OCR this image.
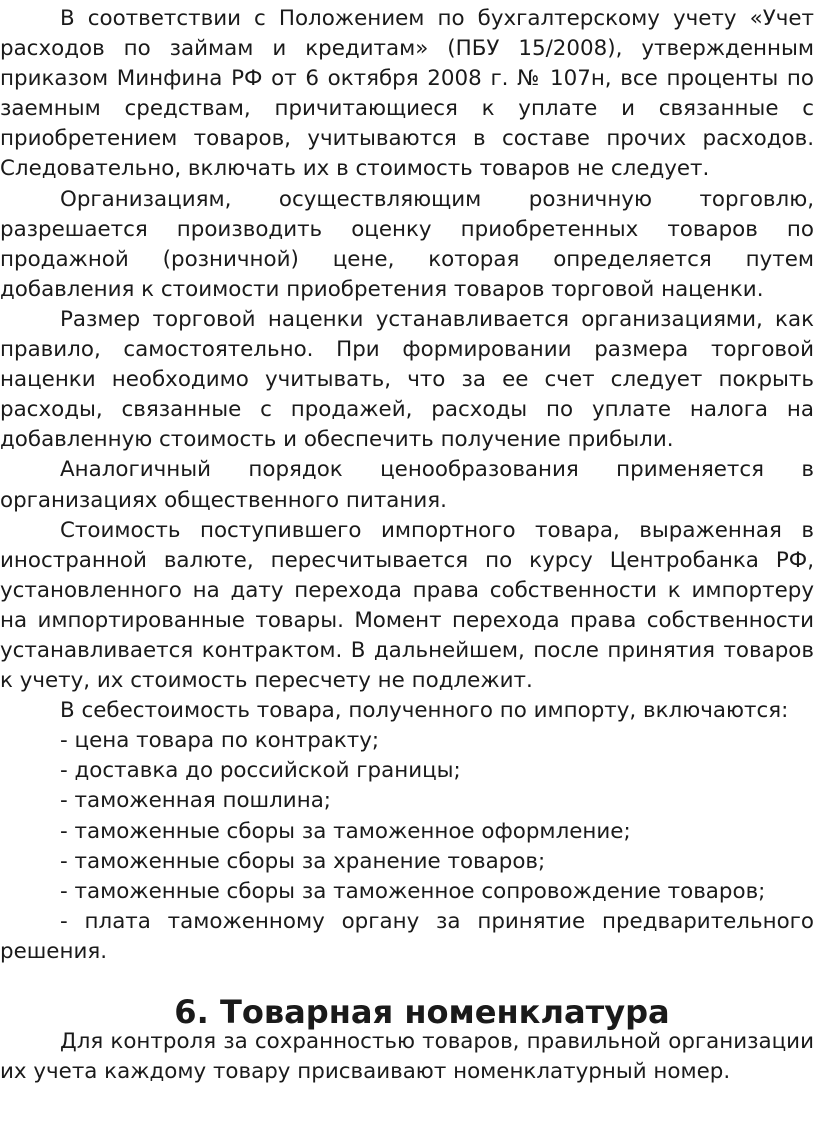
В соответствии с Положением по бухгалтерскому учету «Учет расходов по займам и кредитам» (ПБУ 15/2008), утвержденным приказом Минфина РФ от 6 октября 2008 г. № 107н, все проценты по заемным средствам, причитающиеся к уплате и связанные с приобретением товаров, учитываются в составе прочих расходов. Следовательно, включать их в стоимость товаров не следует.

Организациям, осуществляющим розничную торговлю, разрешается производить оценку приобретенных товаров по продажной (розничной) цене, которая определяется путем добавления к стоимости приобретения товаров торговой наценки.

Размер торговой наценки устанавливается организациями, как правило, самостоятельно. При формировании размера торговой наценки необходимо учитывать, что за ее счет следует покрыть расходы, связанные с продажей, расходы по уплате налога на добавленную стоимость и обеспечить получение прибыли.

Аналогичный порядок ценообразования применяется в организациях общественного питания.

Стоимость поступившего импортного товара, выраженная в иностранной валюте, пересчитывается по курсу Центробанка РФ, установленного на дату перехода права собственности к импортеру на импортированные товары. Момент перехода права собственности устанавливается контрактом. В дальнейшем, после принятия товаров к учету, их стоимость пересчету не подлежит.

В себестоимость товара, полученного по импорту, включаются:

- цена товара по контракту;

- доставка до российской границы;

- таможенная пошлина;

- таможенные сборы за таможенное оформление;

- таможенные сборы за хранение товаров;

- таможенные сборы за таможенное сопровождение товаров;

- плата таможенному органу за принятие предварительного решения.

6. Товарная номенклатура

Для контроля за сохранностью товаров, правильной организации их учета каждому товару присваивают номенклатурный номер.
